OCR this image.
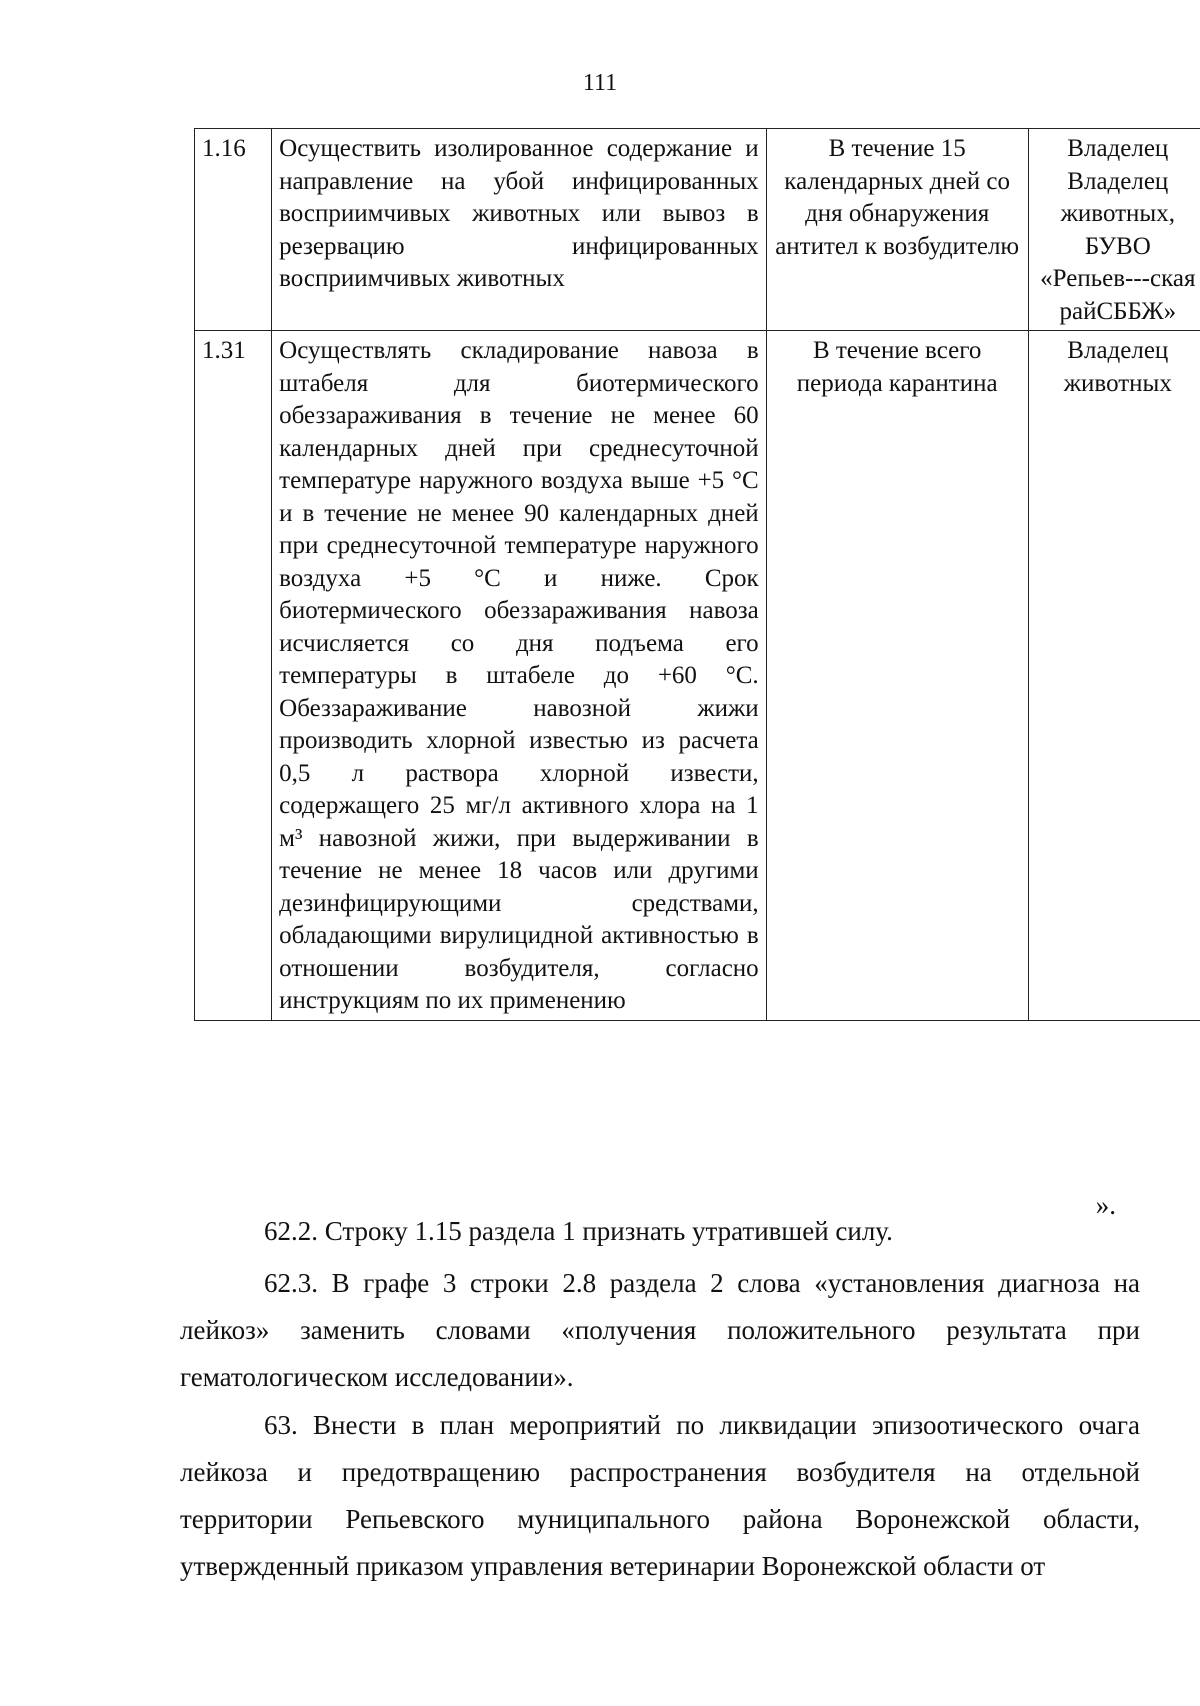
111
1.16	Осуществить изолированное содержание и направление на убой инфицированных восприимчивых животных или вывоз в резервацию инфицированных восприимчивых животных	В течение 15 календарных дней со дня обнаружения антител к возбудителю	Владелец Владелец животных, БУВО «Репьев---ская райСББЖ»
1.31	Осуществлять складирование навоза в штабеля для биотермического обеззараживания в течение не менее 60 календарных дней при среднесуточной температуре наружного воздуха выше +5 °С и в течение не менее 90 календарных дней при среднесуточной температуре наружного воздуха +5 °С и ниже. Срок биотермического обеззараживания навоза исчисляется со дня подъема его температуры в штабеле до +60 °С. Обеззараживание навозной жижи производить хлорной известью из расчета 0,5 л раствора хлорной извести, содержащего 25 мг/л активного хлора на 1 м³ навозной жижи, при выдерживании в течение не менее 18 часов или другими дезинфицирующими средствами, обладающими вирулицидной активностью в отношении возбудителя, согласно инструкциям по их применению	В течение всего периода карантина	Владелец животных
».

62.2. Строку 1.15 раздела 1 признать утратившей силу.

62.3. В графе 3 строки 2.8 раздела 2 слова «установления диагноза на лейкоз» заменить словами «получения положительного результата при гематологическом исследовании».

63. Внести в план мероприятий по ликвидации эпизоотического очага лейкоза и предотвращению распространения возбудителя на отдельной территории Репьевского муниципального района Воронежской области, утвержденный приказом управления ветеринарии Воронежской области от
